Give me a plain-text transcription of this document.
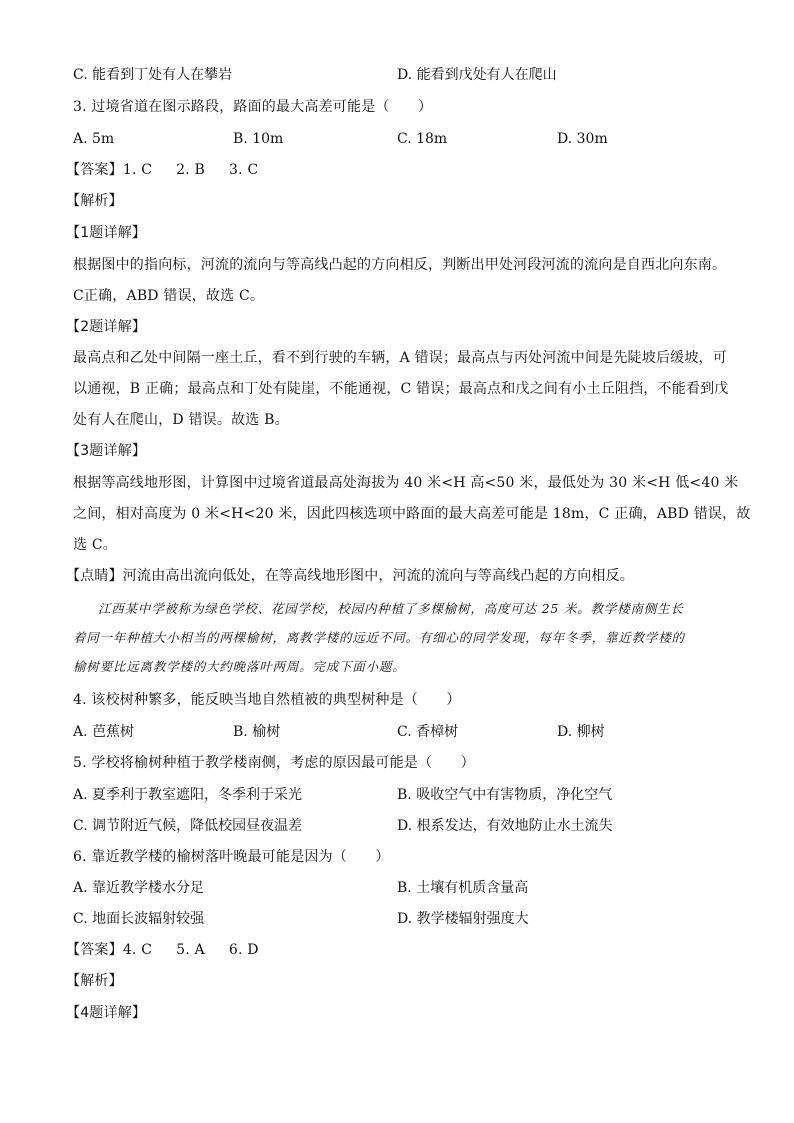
C. 能看到丁处有人在攀岩	D. 能看到戊处有人在爬山
3. 过境省道在图示路段，路面的最大高差可能是（　　）
A. 5m	B. 10m	C. 18m	D. 30m
【答案】1. C 2. B 3. C
【解析】
【1题详解】
根据图中的指向标，河流的流向与等高线凸起的方向相反，判断出甲处河段河流的流向是自西北向东南。
C正确，ABD 错误，故选 C。
【2题详解】
最高点和乙处中间隔一座土丘，看不到行驶的车辆，A 错误；最高点与丙处河流中间是先陡坡后缓坡，可
以通视，B 正确；最高点和丁处有陡崖，不能通视，C 错误；最高点和戊之间有小土丘阻挡，不能看到戊
处有人在爬山，D 错误。故选 B。
【3题详解】
根据等高线地形图，计算图中过境省道最高处海拔为 40 米<H 高<50 米，最低处为 30 米<H 低<40 米
之间，相对高度为 0 米<H<20 米，因此四核选项中路面的最大高差可能是 18m，C 正确，ABD 错误，故
选 C。
【点睛】河流由高出流向低处，在等高线地形图中，河流的流向与等高线凸起的方向相反。
江西某中学被称为绿色学校、花园学校，校园内种植了多棵榆树，高度可达 25 米。教学楼南侧生长
着同一年种植大小相当的两棵榆树，离教学楼的远近不同。有细心的同学发现，每年冬季，靠近教学楼的
榆树要比远离教学楼的大约晚落叶两周。完成下面小题。
4. 该校树种繁多，能反映当地自然植被的典型树种是（　　）
A. 芭蕉树	B. 榆树	C. 香樟树	D. 柳树
5. 学校将榆树种植于教学楼南侧，考虑的原因最可能是（　　）
A. 夏季利于教室遮阳，冬季利于采光	B. 吸收空气中有害物质，净化空气
C. 调节附近气候，降低校园昼夜温差	D. 根系发达，有效地防止水土流失
6. 靠近教学楼的榆树落叶晚最可能是因为（　　）
A. 靠近教学楼水分足	B. 土壤有机质含量高
C. 地面长波辐射较强	D. 教学楼辐射强度大
【答案】4. C 5. A 6. D
【解析】
【4题详解】
